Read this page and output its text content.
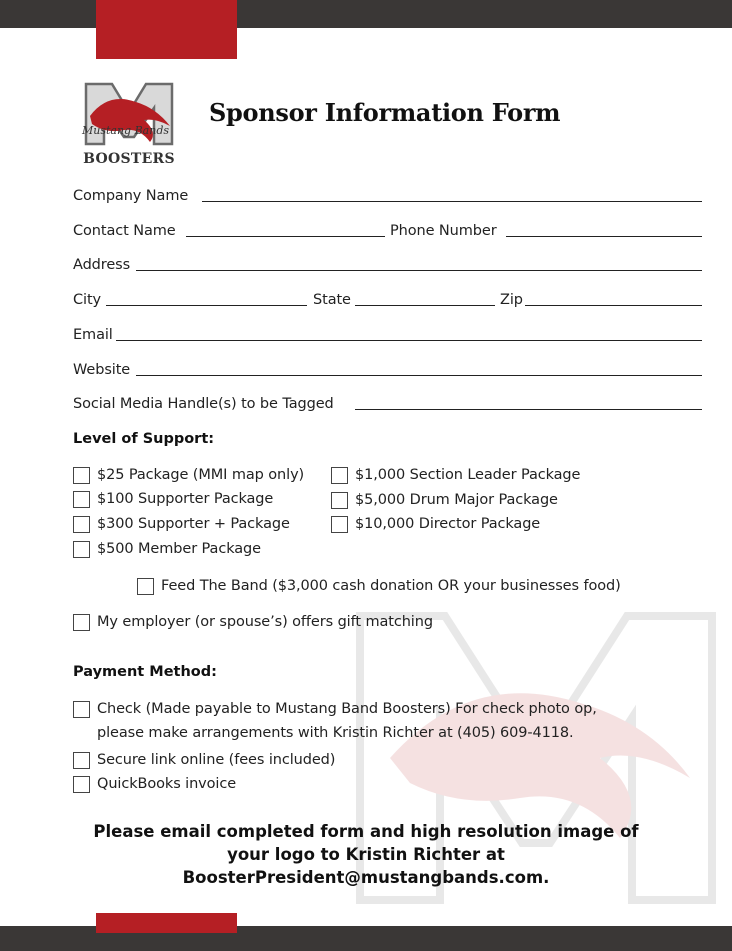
Mustang Bands
BOOSTERS
Sponsor Information Form
Company Name
Contact Name	Phone Number
Address
City	State	Zip
Email
Website
Social Media Handle(s) to be Tagged
Level of Support:
$25 Package (MMI map only)
$100 Supporter Package
$300 Supporter + Package
$500 Member Package
$1,000 Section Leader Package
$5,000 Drum Major Package
$10,000 Director Package
Feed The Band ($3,000 cash donation OR your businesses food)
My employer (or spouse’s) offers gift matching
Payment Method:
Check (Made payable to Mustang Band Boosters) For check photo op,
please make arrangements with Kristin Richter at (405) 609-4118.
Secure link online (fees included)
QuickBooks invoice
Please email completed form and high resolution image of
your logo to Kristin Richter at
BoosterPresident@mustangbands.com.
